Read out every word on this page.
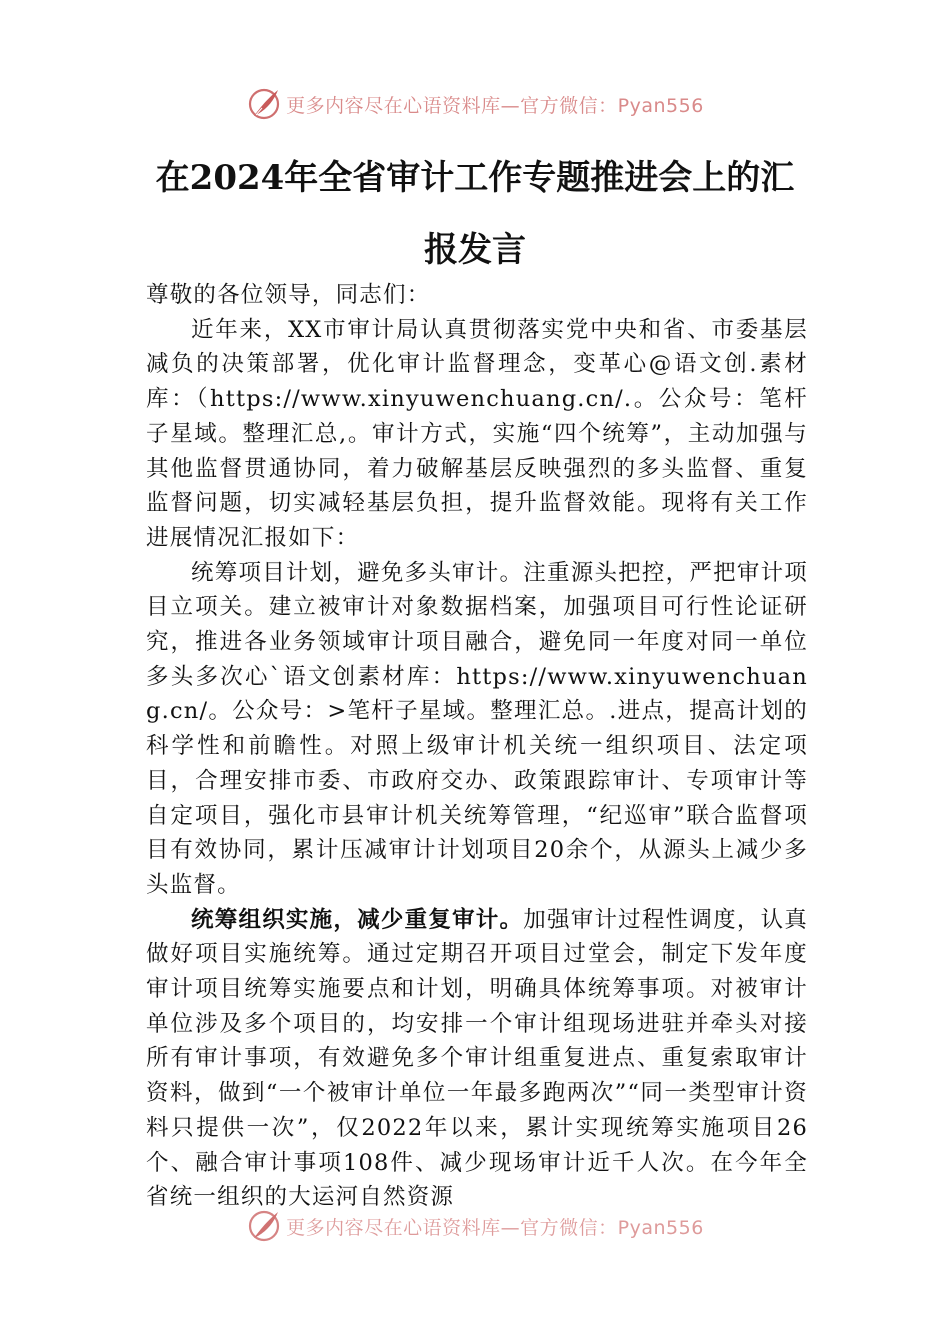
更多内容尽在心语资料库—官方微信：Pyan556
在2024年全省审计工作专题推进会上的汇
报发言

尊敬的各位领导，同志们：

近年来，XX市审计局认真贯彻落实党中央和省、市委基层减负的决策部署，优化审计监督理念，变革心@语文创.素材库：（https://www.xinyuwenchuang.cn/.。公众号：笔杆子星域。整理汇总,。审计方式，实施“四个统筹”，主动加强与其他监督贯通协同，着力破解基层反映强烈的多头监督、重复监督问题，切实减轻基层负担，提升监督效能。现将有关工作进展情况汇报如下：

统筹项目计划，避免多头审计。注重源头把控，严把审计项目立项关。建立被审计对象数据档案，加强项目可行性论证研究，推进各业务领域审计项目融合，避免同一年度对同一单位多头多次心`语文创素材库：https://www.xinyuwenchuang.cn/。公众号：>笔杆子星域。整理汇总。.进点，提高计划的科学性和前瞻性。对照上级审计机关统一组织项目、法定项目，合理安排市委、市政府交办、政策跟踪审计、专项审计等自定项目，强化市县审计机关统筹管理，“纪巡审”联合监督项目有效协同，累计压减审计计划项目20余个，从源头上减少多头监督。

统筹组织实施，减少重复审计。加强审计过程性调度，认真做好项目实施统筹。通过定期召开项目过堂会，制定下发年度审计项目统筹实施要点和计划，明确具体统筹事项。对被审计单位涉及多个项目的，均安排一个审计组现场进驻并牵头对接所有审计事项，有效避免多个审计组重复进点、重复索取审计资料，做到“一个被审计单位一年最多跑两次”“同一类型审计资料只提供一次”，仅2022年以来，累计实现统筹实施项目26个、融合审计事项108件、减少现场审计近千人次。在今年全省统一组织的大运河自然资源

更多内容尽在心语资料库—官方微信：Pyan556
